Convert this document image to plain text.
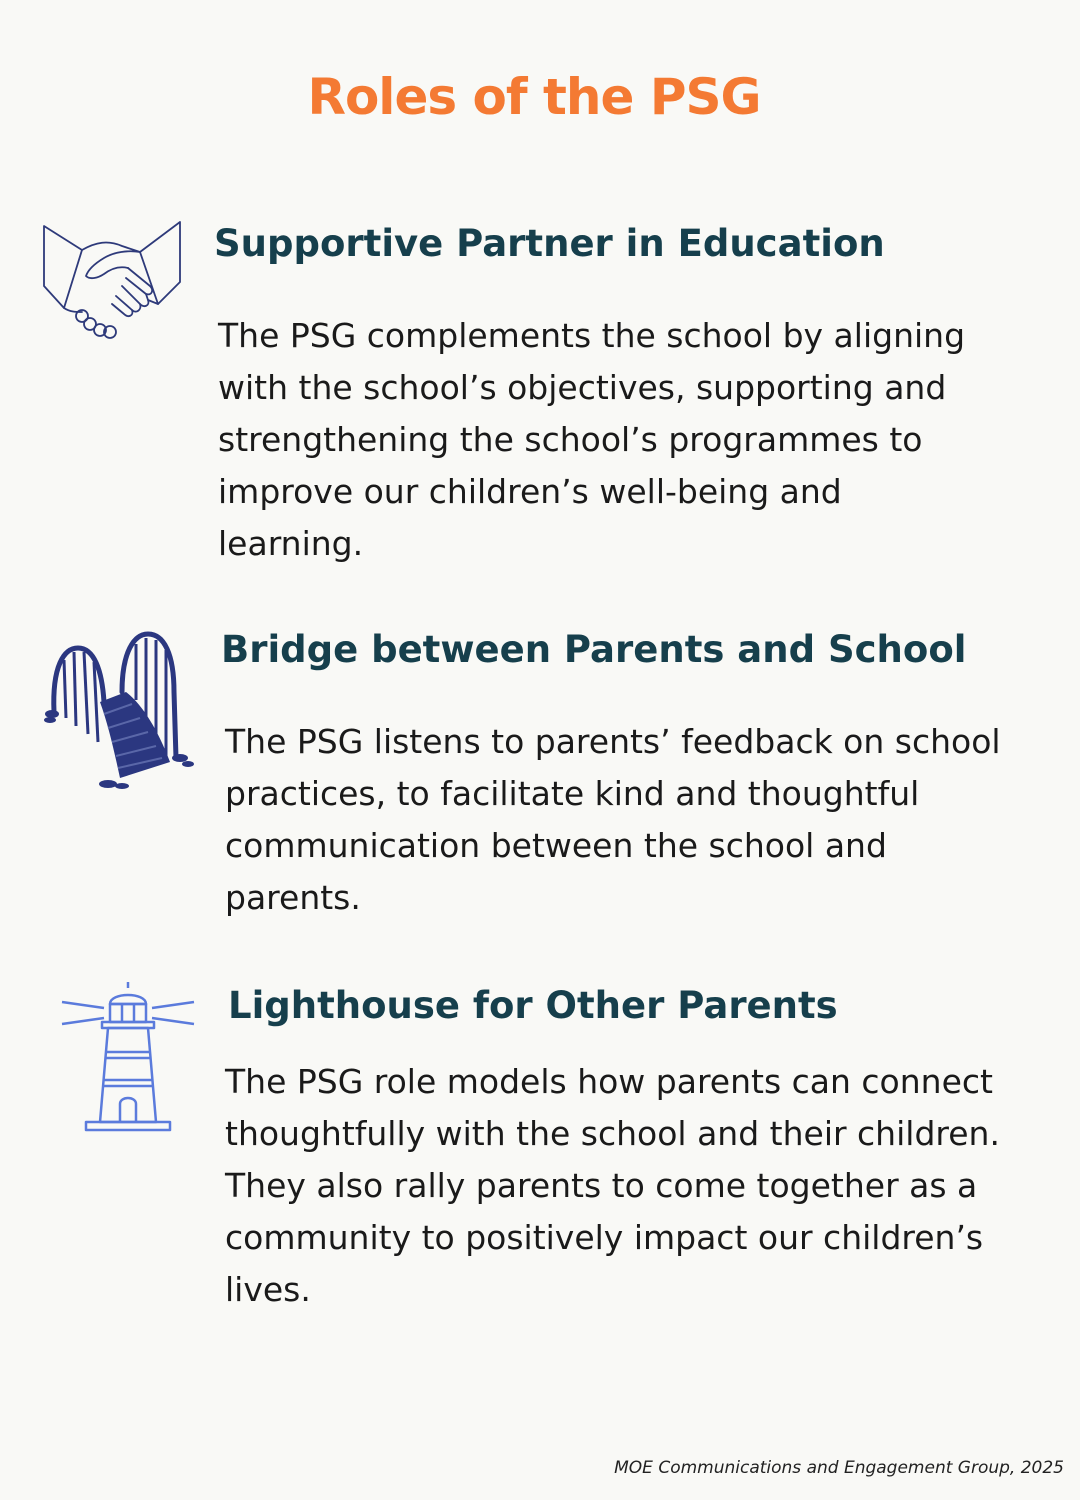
Roles of the PSG
Supportive Partner in Education

The PSG complements the school by aligning with the school’s objectives, supporting and strengthening the school’s programmes to improve our children’s well-being and learning.

Bridge between Parents and School

The PSG listens to parents’ feedback on school practices, to facilitate kind and thoughtful communication between the school and parents.

Lighthouse for Other Parents

The PSG role models how parents can connect thoughtfully with the school and their children. They also rally parents to come together as a community to positively impact our children’s lives.

MOE Communications and Engagement Group, 2025
